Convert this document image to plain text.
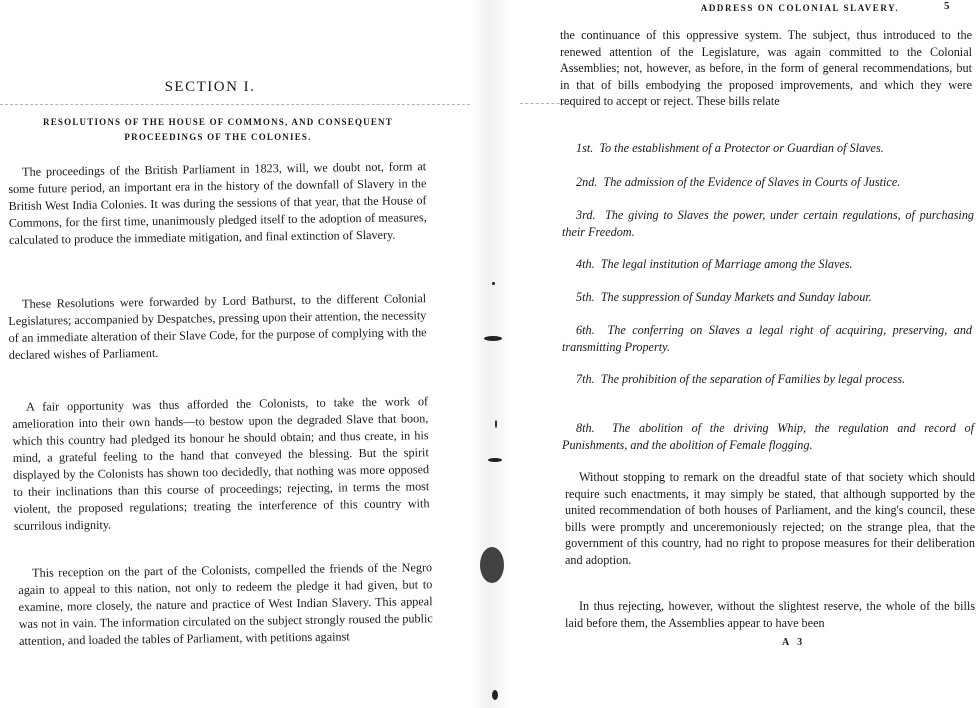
SECTION I.
RESOLUTIONS OF THE HOUSE OF COMMONS, AND CONSEQUENT
PROCEEDINGS OF THE COLONIES.

The proceedings of the British Parliament in 1823, will, we doubt not, form at some future period, an important era in the history of the downfall of Slavery in the British West India Colonies. It was during the sessions of that year, that the House of Commons, for the first time, unanimously pledged itself to the adoption of measures, calculated to produce the immediate mitigation, and final extinction of Slavery.

These Resolutions were forwarded by Lord Bathurst, to the different Colonial Legislatures; accompanied by Despatches, pressing upon their attention, the necessity of an immediate alteration of their Slave Code, for the purpose of complying with the declared wishes of Parliament.

A fair opportunity was thus afforded the Colonists, to take the work of amelioration into their own hands—to bestow upon the degraded Slave that boon, which this country had pledged its honour he should obtain; and thus create, in his mind, a grateful feeling to the hand that conveyed the blessing. But the spirit displayed by the Colonists has shown too decidedly, that nothing was more opposed to their inclinations than this course of proceedings; rejecting, in terms the most violent, the proposed regulations; treating the interference of this country with scurrilous indignity.

This reception on the part of the Colonists, compelled the friends of the Negro again to appeal to this nation, not only to redeem the pledge it had given, but to examine, more closely, the nature and practice of West Indian Slavery. This appeal was not in vain. The information circulated on the subject strongly roused the public attention, and loaded the tables of Parliament, with petitions against

ADDRESS ON COLONIAL SLAVERY.	5

the continuance of this oppressive system. The subject, thus introduced to the renewed attention of the Legislature, was again committed to the Colonial Assemblies; not, however, as before, in the form of general recommendations, but in that of bills embodying the proposed improvements, and which they were required to accept or reject. These bills relate

1st. To the establishment of a Protector or Guardian of Slaves.

2nd. The admission of the Evidence of Slaves in Courts of Justice.

3rd. The giving to Slaves the power, under certain regulations, of purchasing their Freedom.

4th. The legal institution of Marriage among the Slaves.

5th. The suppression of Sunday Markets and Sunday labour.

6th. The conferring on Slaves a legal right of acquiring, preserving, and transmitting Property.

7th. The prohibition of the separation of Families by legal process.

8th. The abolition of the driving Whip, the regulation and record of Punishments, and the abolition of Female flogging.

Without stopping to remark on the dreadful state of that society which should require such enactments, it may simply be stated, that although supported by the united recommendation of both houses of Parliament, and the king's council, these bills were promptly and unceremoniously rejected; on the strange plea, that the government of this country, had no right to propose measures for their deliberation and adoption.

In thus rejecting, however, without the slightest reserve, the whole of the bills laid before them, the Assemblies appear to have been

A 3
